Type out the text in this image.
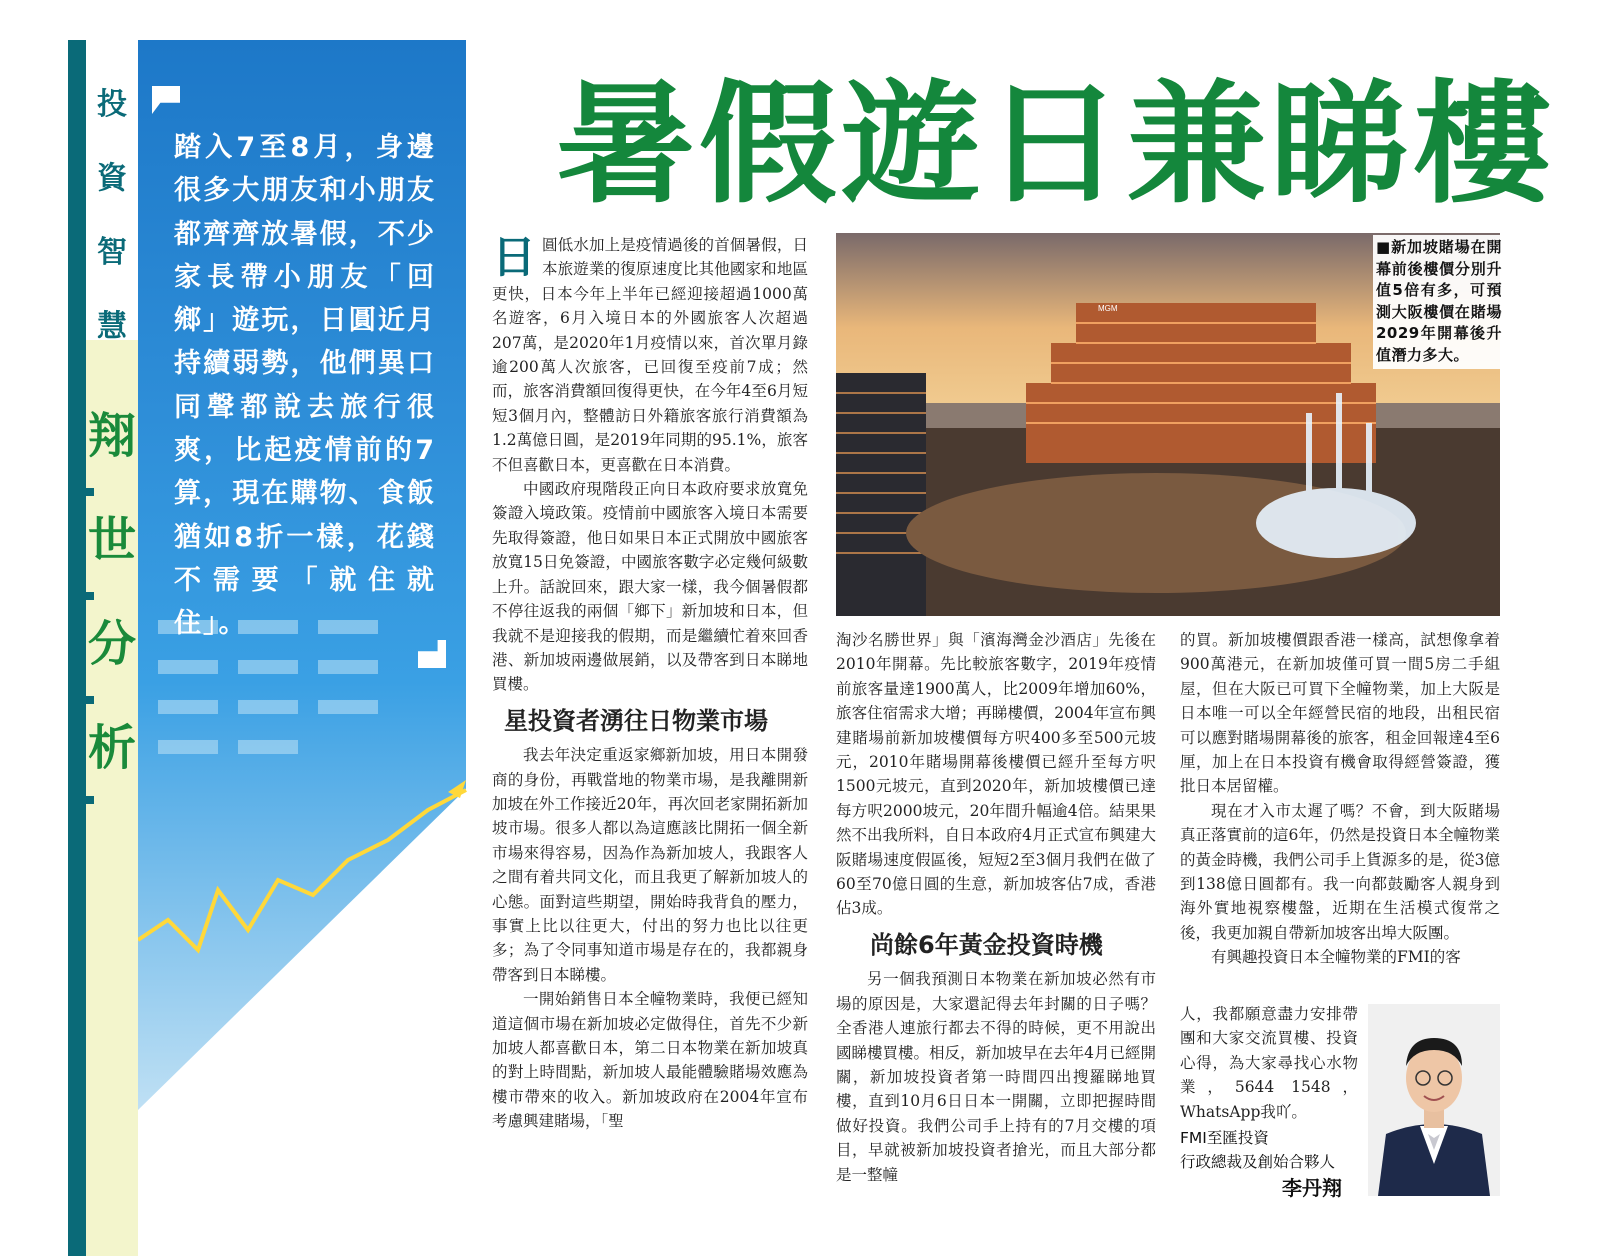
投
資
智
慧
翔
世
分
析
踏入7至8月，身邊很多大朋友和小朋友都齊齊放暑假，不少家長帶小朋友「回鄉」遊玩，日圓近月持續弱勢，他們異口同聲都說去旅行很爽，比起疫情前的7算，現在購物、食飯猶如8折一樣，花錢不需要「就住就住」。
暑假遊日兼睇樓

日圓低水加上是疫情過後的首個暑假，日本旅遊業的復原速度比其他國家和地區更快，日本今年上半年已經迎接超過1000萬名遊客，6月入境日本的外國旅客人次超過207萬，是2020年1月疫情以來，首次單月錄逾200萬人次旅客，已回復至疫前7成；然而，旅客消費額回復得更快，在今年4至6月短短3個月內，整體訪日外籍旅客旅行消費額為1.2萬億日圓，是2019年同期的95.1%，旅客不但喜歡日本，更喜歡在日本消費。

中國政府現階段正向日本政府要求放寬免簽證入境政策。疫情前中國旅客入境日本需要先取得簽證，他日如果日本正式開放中國旅客放寬15日免簽證，中國旅客數字必定幾何級數上升。話說回來，跟大家一樣，我今個暑假都不停往返我的兩個「鄉下」新加坡和日本，但我就不是迎接我的假期，而是繼續忙着來回香港、新加坡兩邊做展銷，以及帶客到日本睇地買樓。

星投資者湧往日物業市場

我去年決定重返家鄉新加坡，用日本開發商的身份，再戰當地的物業市場，是我離開新加坡在外工作接近20年，再次回老家開拓新加坡市場。很多人都以為這應該比開拓一個全新市場來得容易，因為作為新加坡人，我跟客人之間有着共同文化，而且我更了解新加坡人的心態。面對這些期望，開始時我背負的壓力，事實上比以往更大，付出的努力也比以往更多；為了令同事知道市場是存在的，我都親身帶客到日本睇樓。

一開始銷售日本全幢物業時，我便已經知道這個市場在新加坡必定做得住，首先不少新加坡人都喜歡日本，第二日本物業在新加坡真的對上時間點，新加坡人最能體驗賭場效應為樓市帶來的收入。新加坡政府在2004年宣布考慮興建賭場，「聖

MGM
■新加坡賭場在開幕前後樓價分別升值5倍有多，可預測大阪樓價在賭場2029年開幕後升值潛力多大。

淘沙名勝世界」與「濱海灣金沙酒店」先後在2010年開幕。先比較旅客數字，2019年疫情前旅客量達1900萬人，比2009年增加60%，旅客住宿需求大增；再睇樓價，2004年宣布興建賭場前新加坡樓價每方呎400多至500元坡元，2010年賭場開幕後樓價已經升至每方呎1500元坡元，直到2020年，新加坡樓價已達每方呎2000坡元，20年間升幅逾4倍。結果果然不出我所料，自日本政府4月正式宣布興建大阪賭場速度假區後，短短2至3個月我們在做了60至70億日圓的生意，新加坡客佔7成，香港佔3成。

尚餘6年黃金投資時機

另一個我預測日本物業在新加坡必然有市場的原因是，大家還記得去年封關的日子嗎？全香港人連旅行都去不得的時候，更不用說出國睇樓買樓。相反，新加坡早在去年4月已經開關，新加坡投資者第一時間四出搜羅睇地買樓，直到10月6日日本一開關，立即把握時間做好投資。我們公司手上持有的7月交樓的項目，早就被新加坡投資者搶光，而且大部分都是一整幢

的買。新加坡樓價跟香港一樣高，試想像拿着900萬港元，在新加坡僅可買一間5房二手組屋，但在大阪已可買下全幢物業，加上大阪是日本唯一可以全年經營民宿的地段，出租民宿可以應對賭場開幕後的旅客，租金回報達4至6厘，加上在日本投資有機會取得經營簽證，獲批日本居留權。

現在才入市太遲了嗎？不會，到大阪賭場真正落實前的這6年，仍然是投資日本全幢物業的黃金時機，我們公司手上貨源多的是，從3億到138億日圓都有。我一向都鼓勵客人親身到海外實地視察樓盤，近期在生活模式復常之後，我更加親自帶新加坡客出埠大阪團。

有興趣投資日本全幢物業的FMI的客

人，我都願意盡力安排帶團和大家交流買樓、投資心得，為大家尋找心水物業，5644 1548，WhatsApp我吖。

FMI至匯投資
行政總裁及創始合夥人
李丹翔
